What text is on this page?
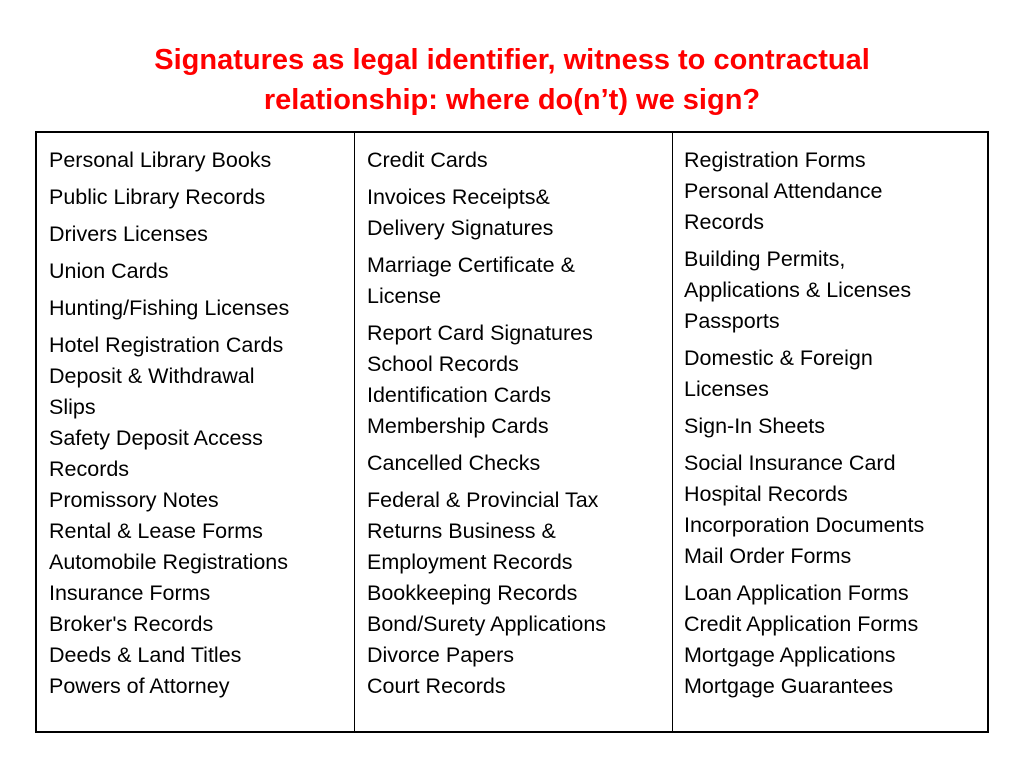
Signatures as legal identifier, witness to contractual
relationship: where do(n’t) we sign?

Personal Library Books

Public Library Records

Drivers Licenses

Union Cards

Hunting/Fishing Licenses

Hotel Registration Cards
Deposit & Withdrawal
Slips
Safety Deposit Access
Records
Promissory Notes
Rental & Lease Forms
Automobile Registrations
Insurance Forms
Broker's Records
Deeds & Land Titles
Powers of Attorney

Credit Cards

Invoices Receipts&
Delivery Signatures

Marriage Certificate &
License

Report Card Signatures
School Records
Identification Cards
Membership Cards

Cancelled Checks

Federal & Provincial Tax
Returns Business &
Employment Records
Bookkeeping Records
Bond/Surety Applications
Divorce Papers
Court Records

Registration Forms
Personal Attendance
Records

Building Permits,
Applications & Licenses
Passports

Domestic & Foreign
Licenses

Sign-In Sheets

Social Insurance Card
Hospital Records
Incorporation Documents
Mail Order Forms

Loan Application Forms
Credit Application Forms
Mortgage Applications
Mortgage Guarantees
